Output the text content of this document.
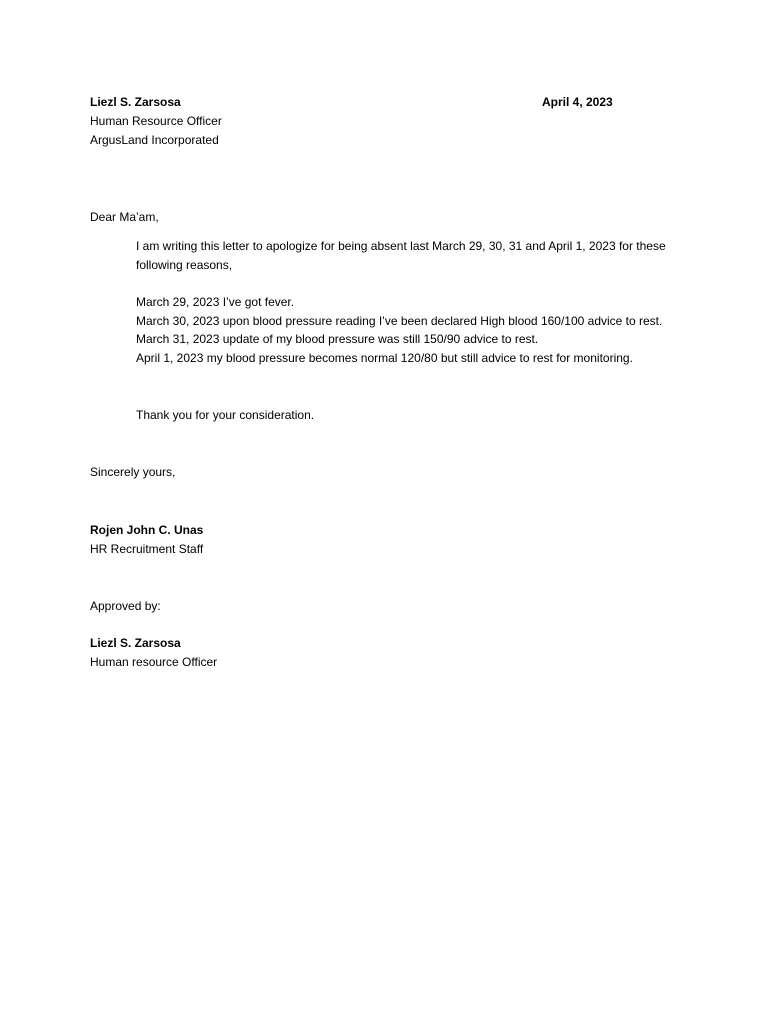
Liezl S. Zarsosa	April 4, 2023
Human Resource Officer
ArgusLand Incorporated
Dear Ma’am,

I am writing this letter to apologize for being absent last March 29, 30, 31 and April 1, 2023 for these following reasons,

March 29, 2023 I’ve got fever.

March 30, 2023 upon blood pressure reading I’ve been declared High blood 160/100 advice to rest.

March 31, 2023 update of my blood pressure was still 150/90 advice to rest.

April 1, 2023 my blood pressure becomes normal 120/80 but still advice to rest for monitoring.

Thank you for your consideration.
Sincerely yours,
Rojen John C. Unas
HR Recruitment Staff
Approved by:
Liezl S. Zarsosa
Human resource Officer
